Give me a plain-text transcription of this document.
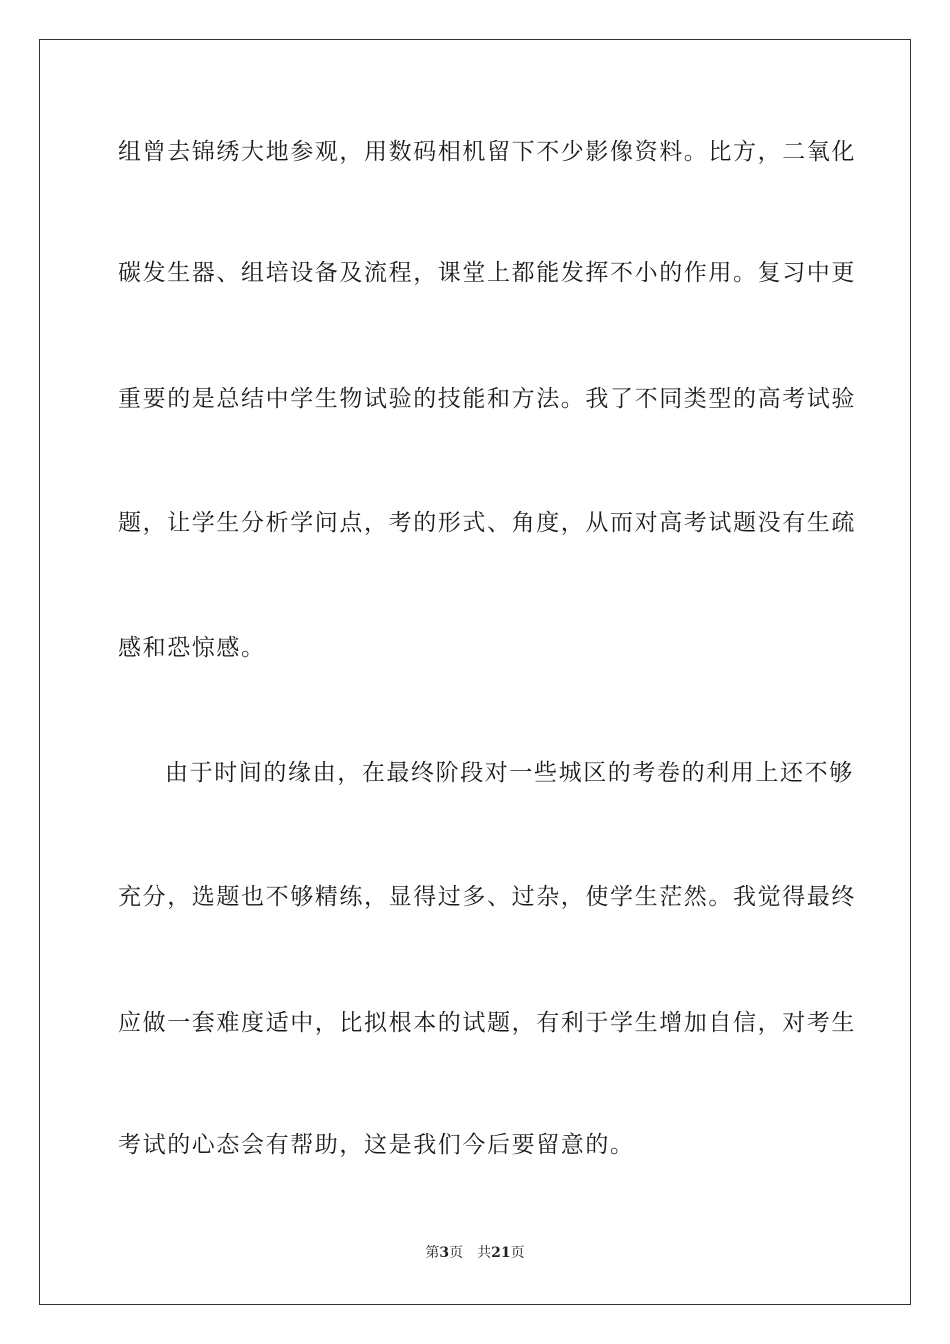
组曾去锦绣大地参观，用数码相机留下不少影像资料。比方，二氧化
碳发生器、组培设备及流程，课堂上都能发挥不小的作用。复习中更
重要的是总结中学生物试验的技能和方法。我了不同类型的高考试验
题，让学生分析学问点，考的形式、角度，从而对高考试题没有生疏
感和恐惊感。
由于时间的缘由，在最终阶段对一些城区的考卷的利用上还不够
充分，选题也不够精练，显得过多、过杂，使学生茫然。我觉得最终
应做一套难度适中，比拟根本的试题，有利于学生增加自信，对考生
考试的心态会有帮助，这是我们今后要留意的。
第3页 共21页
